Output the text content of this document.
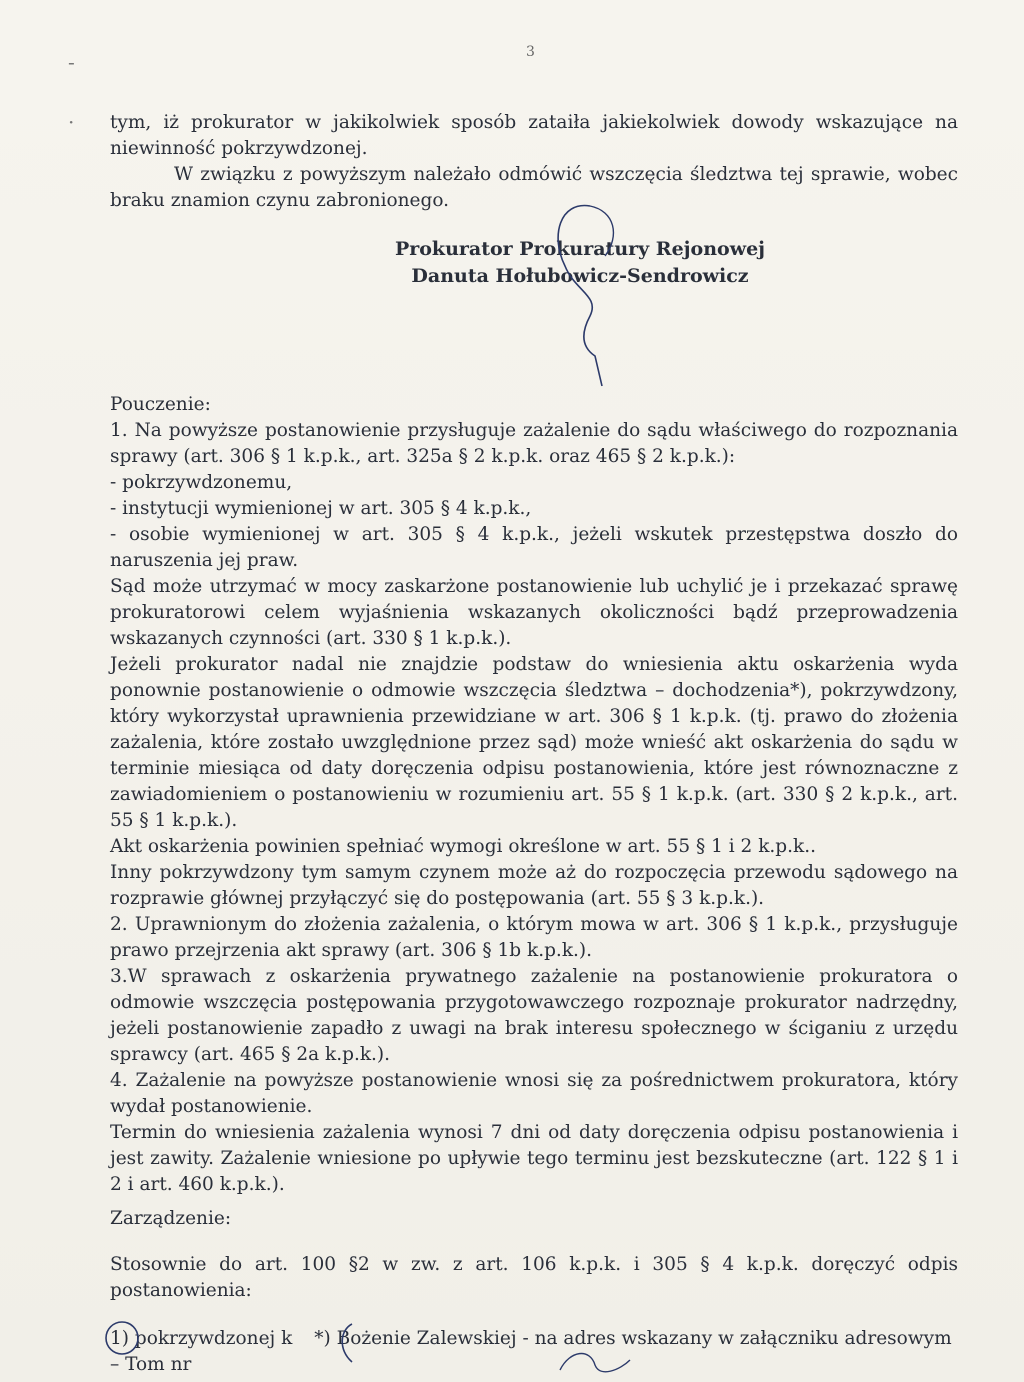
3
-
· tym, iż prokurator w jakikolwiek sposób zataiła jakiekolwiek dowody wskazujące na niewinność pokrzywdzonej.

W związku z powyższym należało odmówić wszczęcia śledztwa tej sprawie, wobec braku znamion czynu zabronionego.

Prokurator Prokuratury Rejonowej
Danuta Hołubowicz-Sendrowicz

Pouczenie:

1. Na powyższe postanowienie przysługuje zażalenie do sądu właściwego do rozpoznania sprawy (art. 306 § 1 k.p.k., art. 325a § 2 k.p.k. oraz 465 § 2 k.p.k.):

- pokrzywdzonemu,

- instytucji wymienionej w art. 305 § 4 k.p.k.,

- osobie wymienionej w art. 305 § 4 k.p.k., jeżeli wskutek przestępstwa doszło do naruszenia jej praw.

Sąd może utrzymać w mocy zaskarżone postanowienie lub uchylić je i przekazać sprawę prokuratorowi celem wyjaśnienia wskazanych okoliczności bądź przeprowadzenia wskazanych czynności (art. 330 § 1 k.p.k.).

Jeżeli prokurator nadal nie znajdzie podstaw do wniesienia aktu oskarżenia wyda ponownie postanowienie o odmowie wszczęcia śledztwa – dochodzenia*), pokrzywdzony, który wykorzystał uprawnienia przewidziane w art. 306 § 1 k.p.k. (tj. prawo do złożenia zażalenia, które zostało uwzględnione przez sąd) może wnieść akt oskarżenia do sądu w terminie miesiąca od daty doręczenia odpisu postanowienia, które jest równoznaczne z zawiadomieniem o postanowieniu w rozumieniu art. 55 § 1 k.p.k. (art. 330 § 2 k.p.k., art. 55 § 1 k.p.k.).

Akt oskarżenia powinien spełniać wymogi określone w art. 55 § 1 i 2 k.p.k..

Inny pokrzywdzony tym samym czynem może aż do rozpoczęcia przewodu sądowego na rozprawie głównej przyłączyć się do postępowania (art. 55 § 3 k.p.k.).

2. Uprawnionym do złożenia zażalenia, o którym mowa w art. 306 § 1 k.p.k., przysługuje prawo przejrzenia akt sprawy (art. 306 § 1b k.p.k.).

3.W sprawach z oskarżenia prywatnego zażalenie na postanowienie prokuratora o odmowie wszczęcia postępowania przygotowawczego rozpoznaje prokurator nadrzędny, jeżeli postanowienie zapadło z uwagi na brak interesu społecznego w ściganiu z urzędu sprawcy (art. 465 § 2a k.p.k.).

4. Zażalenie na powyższe postanowienie wnosi się za pośrednictwem prokuratora, który wydał postanowienie.

Termin do wniesienia zażalenia wynosi 7 dni od daty doręczenia odpisu postanowienia i jest zawity. Zażalenie wniesione po upływie tego terminu jest bezskuteczne (art. 122 § 1 i 2 i art. 460 k.p.k.).

Zarządzenie:

Stosownie do art. 100 §2 w zw. z art. 106 k.p.k. i 305 § 4 k.p.k. doręczyć odpis postanowienia:

1) pokrzywdzonej k *) Bożenie Zalewskiej - na adres wskazany w załączniku adresowym – Tom nr
